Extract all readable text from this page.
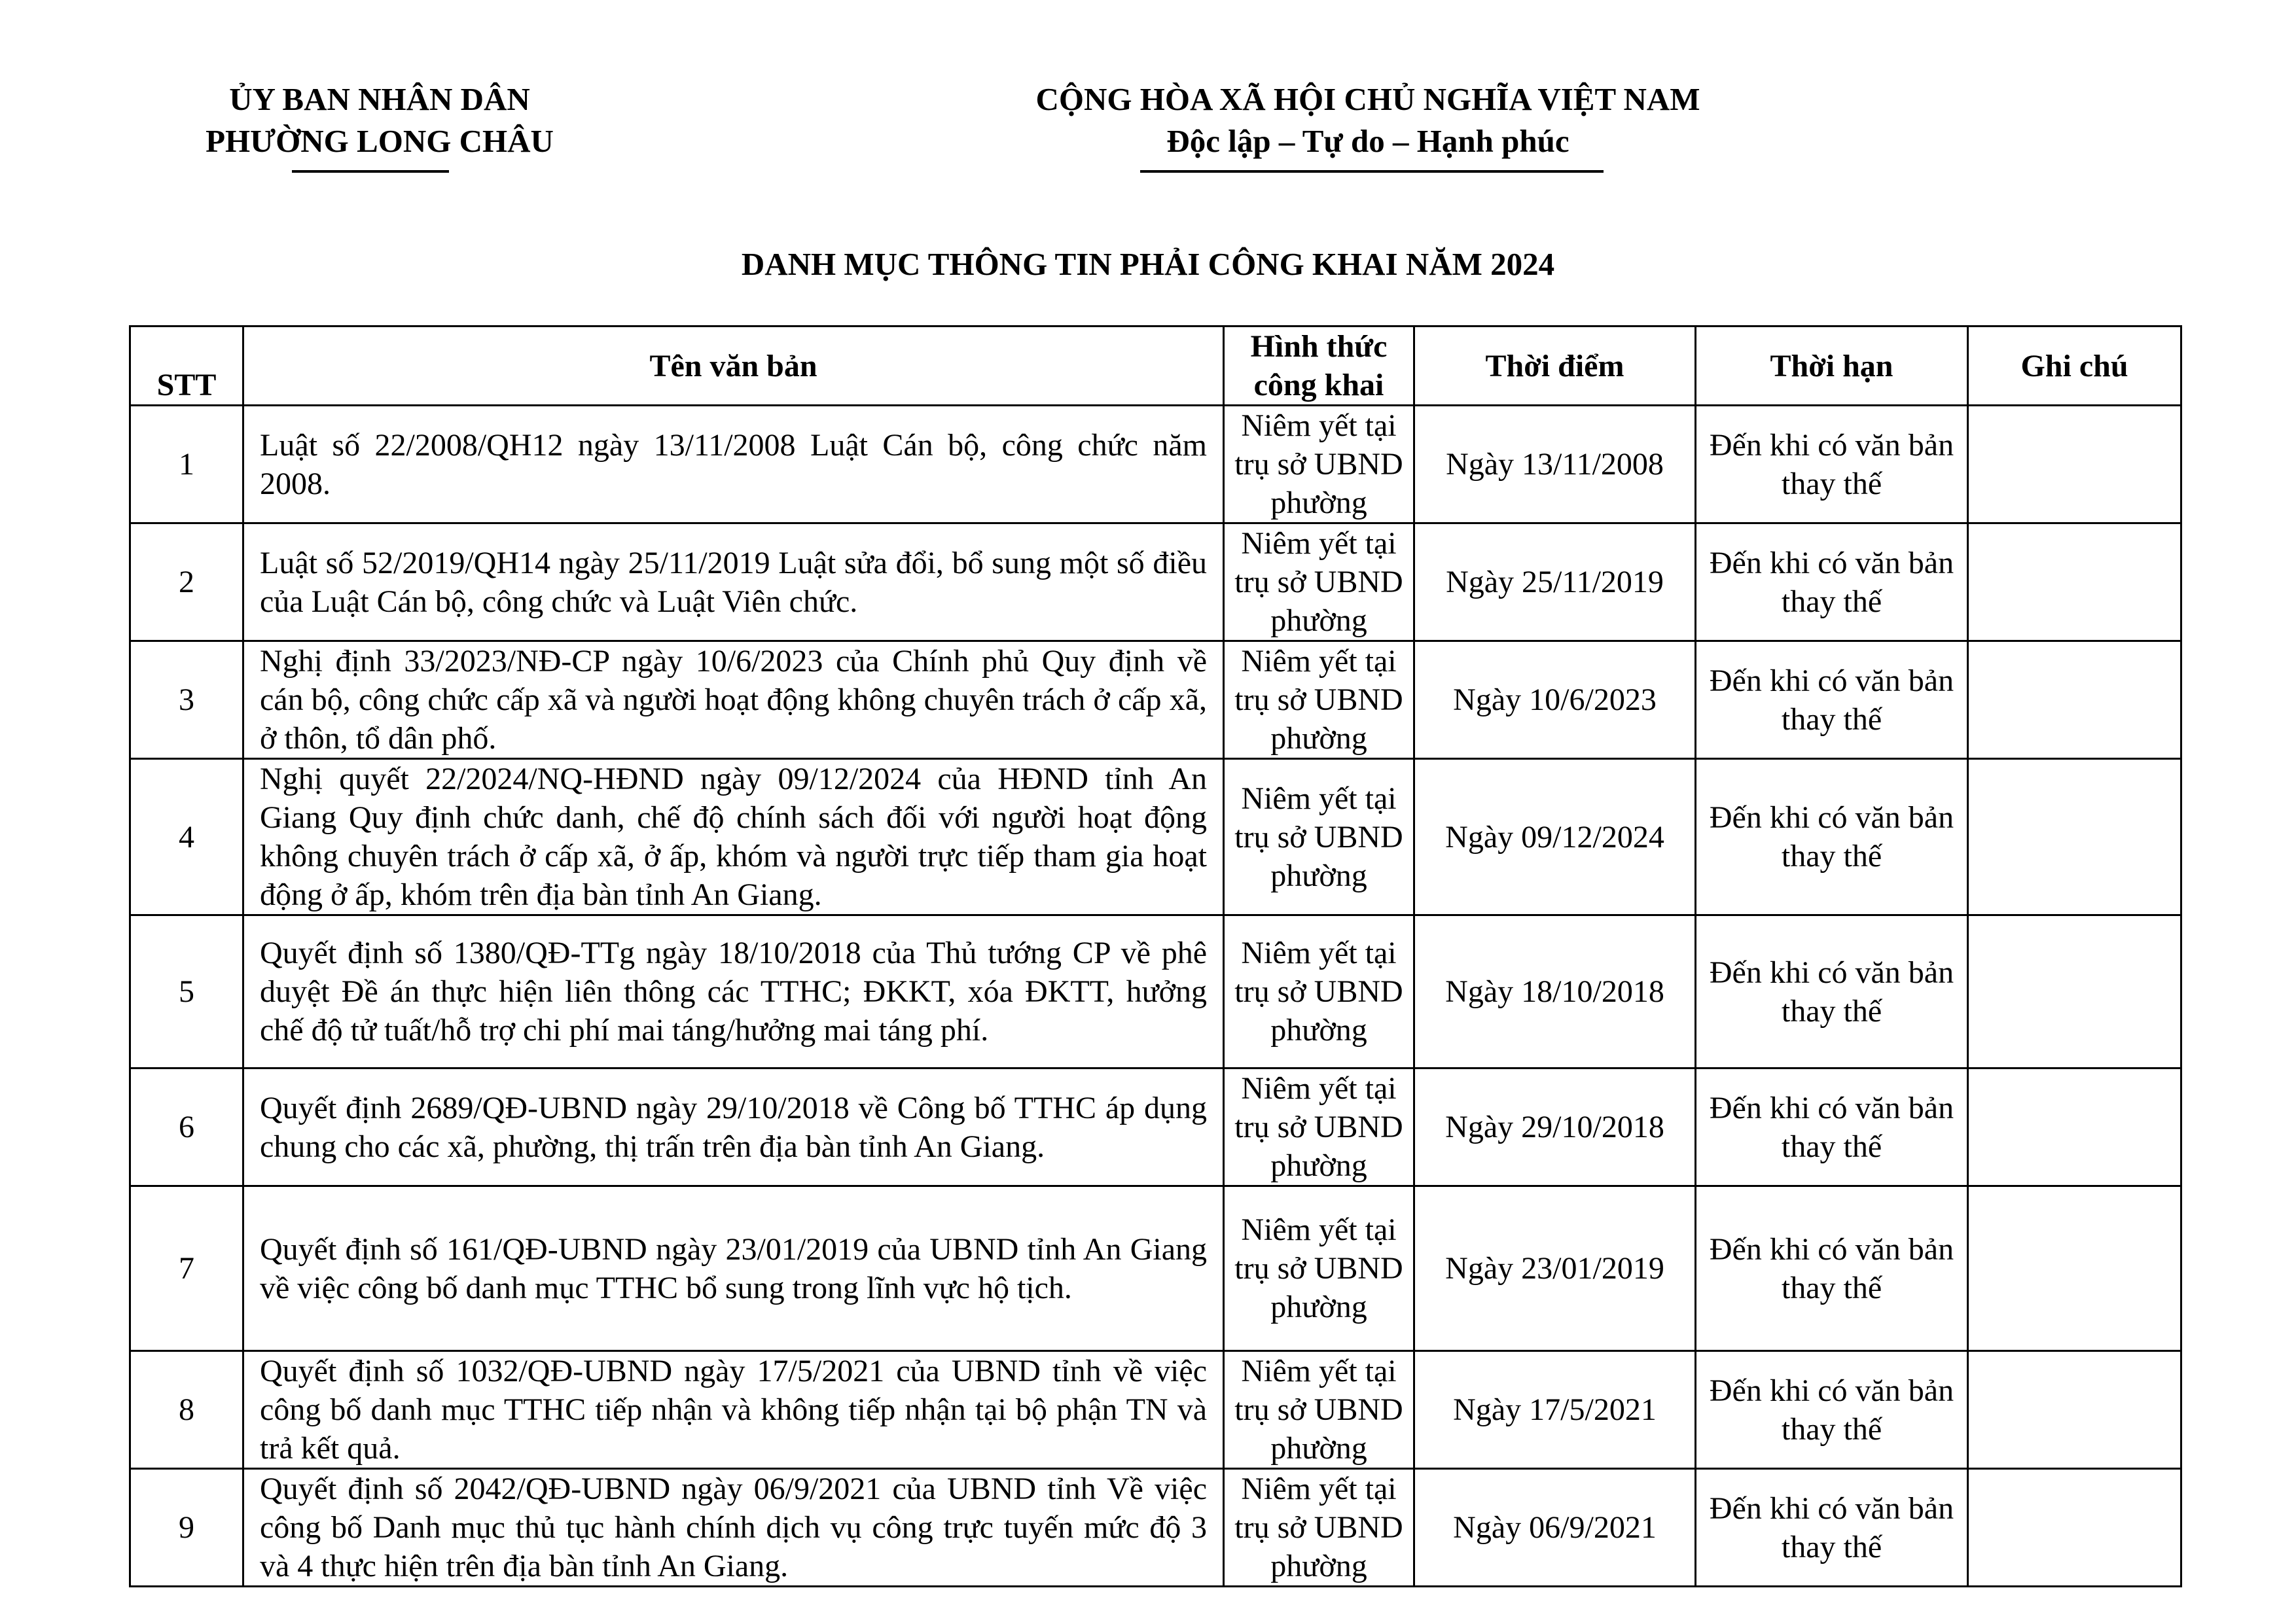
ỦY BAN NHÂN DÂN
PHƯỜNG LONG CHÂU
CỘNG HÒA XÃ HỘI CHỦ NGHĨA VIỆT NAM
Độc lập – Tự do – Hạnh phúc
DANH MỤC THÔNG TIN PHẢI CÔNG KHAI NĂM 2024
STT	Tên văn bản	Hình thức công khai	Thời điểm	Thời hạn	Ghi chú
1	Luật số 22/2008/QH12 ngày 13/11/2008 Luật Cán bộ, công chức năm 2008.	Niêm yết tại trụ sở UBND phường	Ngày 13/11/2008	Đến khi có văn bản thay thế	
2	Luật số 52/2019/QH14 ngày 25/11/2019 Luật sửa đổi, bổ sung một số điều của Luật Cán bộ, công chức và Luật Viên chức.	Niêm yết tại trụ sở UBND phường	Ngày 25/11/2019	Đến khi có văn bản thay thế	
3	Nghị định 33/2023/NĐ-CP ngày 10/6/2023 của Chính phủ Quy định về cán bộ, công chức cấp xã và người hoạt động không chuyên trách ở cấp xã, ở thôn, tổ dân phố.	Niêm yết tại trụ sở UBND phường	Ngày 10/6/2023	Đến khi có văn bản thay thế	
4	Nghị quyết 22/2024/NQ-HĐND ngày 09/12/2024 của HĐND tỉnh An Giang Quy định chức danh, chế độ chính sách đối với người hoạt động không chuyên trách ở cấp xã, ở ấp, khóm và người trực tiếp tham gia hoạt động ở ấp, khóm trên địa bàn tỉnh An Giang.	Niêm yết tại trụ sở UBND phường	Ngày 09/12/2024	Đến khi có văn bản thay thế	
5	Quyết định số 1380/QĐ-TTg ngày 18/10/2018 của Thủ tướng CP về phê duyệt Đề án thực hiện liên thông các TTHC; ĐKKT, xóa ĐKTT, hưởng chế độ tử tuất/hỗ trợ chi phí mai táng/hưởng mai táng phí.	Niêm yết tại trụ sở UBND phường	Ngày 18/10/2018	Đến khi có văn bản thay thế	
6	Quyết định 2689/QĐ-UBND ngày 29/10/2018 về Công bố TTHC áp dụng chung cho các xã, phường, thị trấn trên địa bàn tỉnh An Giang.	Niêm yết tại trụ sở UBND phường	Ngày 29/10/2018	Đến khi có văn bản thay thế	
7	Quyết định số 161/QĐ-UBND ngày 23/01/2019 của UBND tỉnh An Giang về việc công bố danh mục TTHC bổ sung trong lĩnh vực hộ tịch.	Niêm yết tại trụ sở UBND phường	Ngày 23/01/2019	Đến khi có văn bản thay thế	
8	Quyết định số 1032/QĐ-UBND ngày 17/5/2021 của UBND tỉnh về việc công bố danh mục TTHC tiếp nhận và không tiếp nhận tại bộ phận TN và trả kết quả.	Niêm yết tại trụ sở UBND phường	Ngày 17/5/2021	Đến khi có văn bản thay thế	
9	Quyết định số 2042/QĐ-UBND ngày 06/9/2021 của UBND tỉnh Về việc công bố Danh mục thủ tục hành chính dịch vụ công trực tuyến mức độ 3 và 4 thực hiện trên địa bàn tỉnh An Giang.	Niêm yết tại trụ sở UBND phường	Ngày 06/9/2021	Đến khi có văn bản thay thế	
